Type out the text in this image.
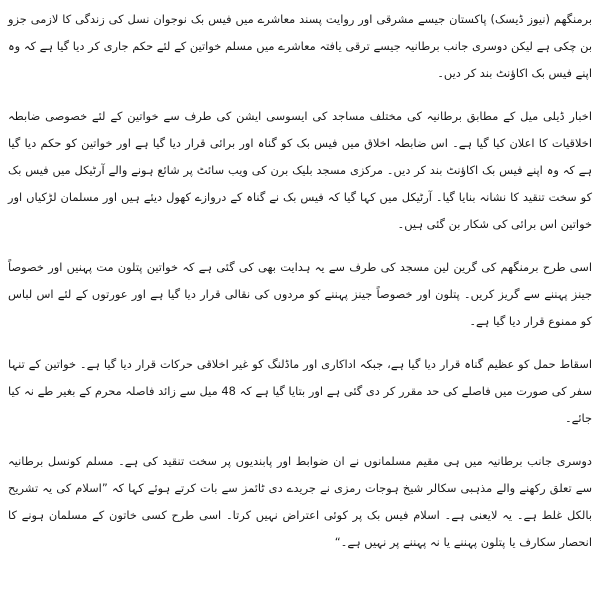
برمنگھم (نیوز ڈیسک) پاکستان جیسے مشرقی اور روایت پسند معاشرے میں فیس بک نوجوان نسل کی زندگی کا لازمی جزو بن چکی ہے لیکن دوسری جانب برطانیہ جیسے ترقی یافتہ معاشرے میں مسلم خواتین کے لئے حکم جاری کر دیا گیا ہے کہ وہ اپنے فیس بک اکاؤنٹ بند کر دیں۔

اخبار ڈیلی میل کے مطابق برطانیہ کی مختلف مساجد کی ایسوسی ایشن کی طرف سے خواتین کے لئے خصوصی ضابطہ اخلاقیات کا اعلان کیا گیا ہے۔ اس ضابطہ اخلاق میں فیس بک کو گناہ اور برائی قرار دیا گیا ہے اور خواتین کو حکم دیا گیا ہے کہ وہ اپنے فیس بک اکاؤنٹ بند کر دیں۔ مرکزی مسجد بلیک برن کی ویب سائٹ پر شائع ہونے والے آرٹیکل میں فیس بک کو سخت تنقید کا نشانہ بنایا گیا۔ آرٹیکل میں کہا گیا کہ فیس بک نے گناہ کے دروازے کھول دیئے ہیں اور مسلمان لڑکیاں اور خواتین اس برائی کی شکار بن گئی ہیں۔

اسی طرح برمنگھم کی گرین لین مسجد کی طرف سے یہ ہدایت بھی کی گئی ہے کہ خواتین پتلون مت پہنیں اور خصوصاً جینز پہننے سے گریز کریں۔ پتلون اور خصوصاً جینز پہننے کو مردوں کی نقالی قرار دیا گیا ہے اور عورتوں کے لئے اس لباس کو ممنوع قرار دیا گیا ہے۔

اسقاط حمل کو عظیم گناہ قرار دیا گیا ہے، جبکہ اداکاری اور ماڈلنگ کو غیر اخلاقی حرکات قرار دیا گیا ہے۔ خواتین کے تنہا سفر کی صورت میں فاصلے کی حد مقرر کر دی گئی ہے اور بتایا گیا ہے کہ 48 میل سے زائد فاصلہ محرم کے بغیر طے نہ کیا جائے۔

دوسری جانب برطانیہ میں ہی مقیم مسلمانوں نے ان ضوابط اور پابندیوں پر سخت تنقید کی ہے۔ مسلم کونسل برطانیہ سے تعلق رکھنے والے مذہبی سکالر شیخ ہوجات رمزی نے جریدے دی ٹائمز سے بات کرتے ہوئے کہا کہ ”اسلام کی یہ تشریح بالکل غلط ہے۔ یہ لایعنی ہے۔ اسلام فیس بک پر کوئی اعتراض نہیں کرتا۔ اسی طرح کسی خاتون کے مسلمان ہونے کا انحصار سکارف یا پتلون پہننے یا نہ پہننے پر نہیں ہے۔“
